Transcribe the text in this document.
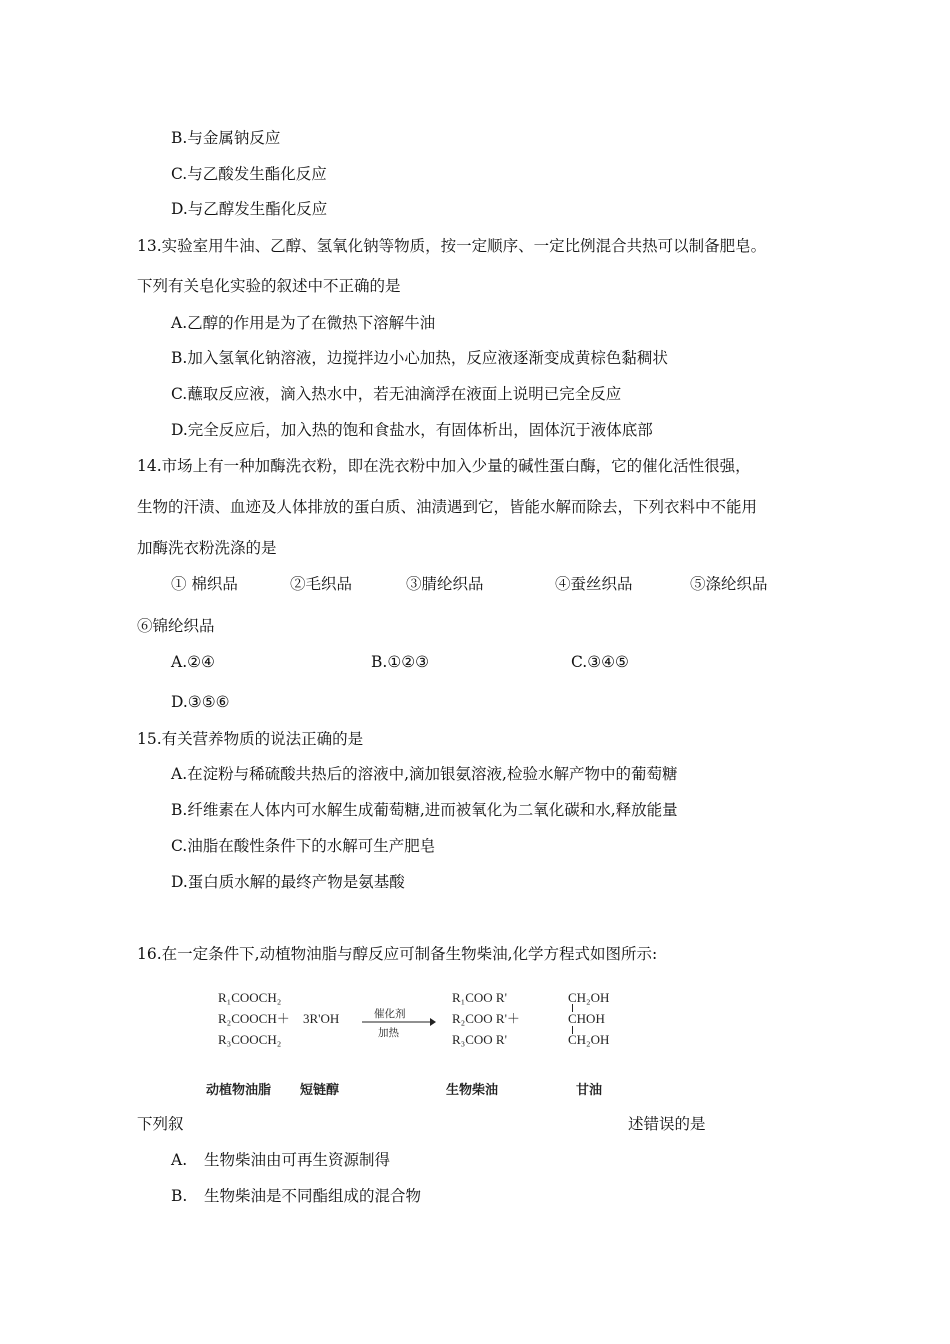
B.与金属钠反应
C.与乙酸发生酯化反应
D.与乙醇发生酯化反应
13.实验室用牛油、乙醇、氢氧化钠等物质，按一定顺序、一定比例混合共热可以制备肥皂。
下列有关皂化实验的叙述中不正确的是
A.乙醇的作用是为了在微热下溶解牛油
B.加入氢氧化钠溶液，边搅拌边小心加热，反应液逐渐变成黄棕色黏稠状
C.蘸取反应液，滴入热水中，若无油滴浮在液面上说明已完全反应
D.完全反应后，加入热的饱和食盐水，有固体析出，固体沉于液体底部
14.市场上有一种加酶洗衣粉，即在洗衣粉中加入少量的碱性蛋白酶，它的催化活性很强，
生物的汗渍、血迹及人体排放的蛋白质、油渍遇到它，皆能水解而除去，下列衣料中不能用
加酶洗衣粉洗涤的是
① 棉织品	②毛织品	③腈纶织品	④蚕丝织品	⑤涤纶织品
⑥锦纶织品
A.②④	B.①②③	C.③④⑤
D.③⑤⑥
15.有关营养物质的说法正确的是
A.在淀粉与稀硫酸共热后的溶液中,滴加银氨溶液,检验水解产物中的葡萄糖
B.纤维素在人体内可水解生成葡萄糖,进而被氧化为二氧化碳和水,释放能量
C.油脂在酸性条件下的水解可生产肥皂
D.蛋白质水解的最终产物是氨基酸
16.在一定条件下,动植物油脂与醇反应可制备生物柴油,化学方程式如图所示:
R₁COOCH₂
R₂COOCH＋
R₃COOCH₂
3R'OH	催化剂
加热
R₁COO R'
R₂COO R'＋
R₃COO R'
CH₂OH
CHOH
CH₂OH
动植物油脂 短链醇	生物柴油	甘油
下列叙	述错误的是
A. 生物柴油由可再生资源制得
B. 生物柴油是不同酯组成的混合物
